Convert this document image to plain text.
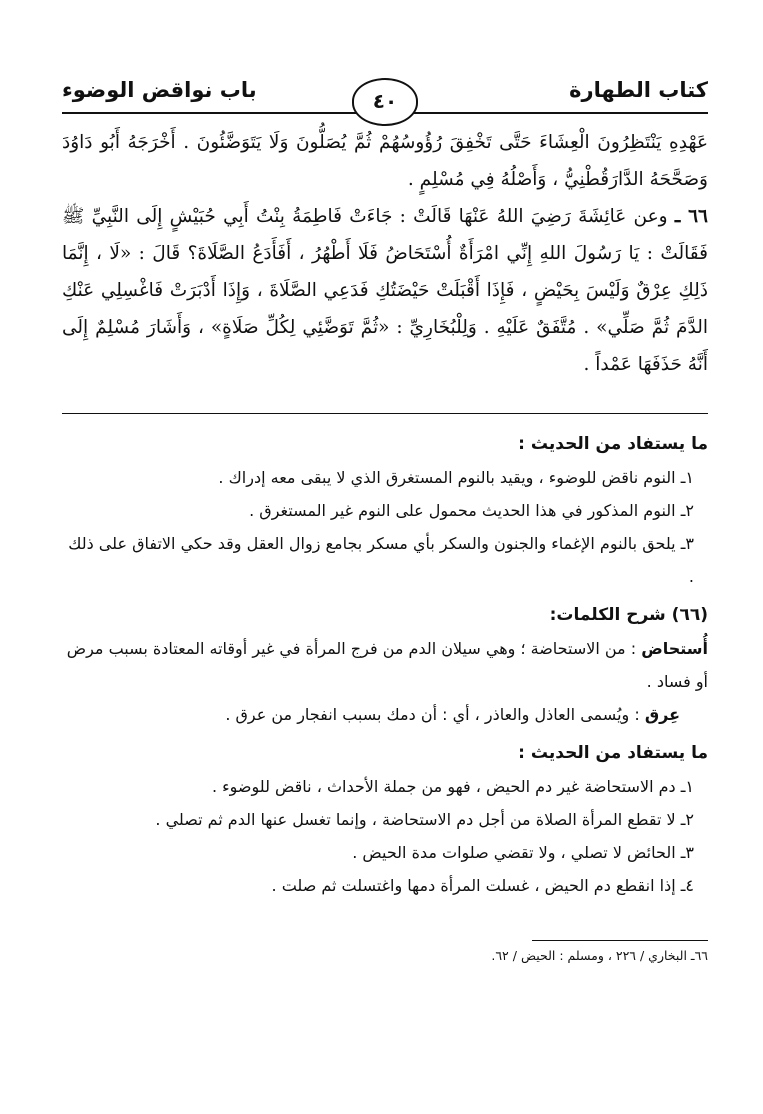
كتاب الطهارة
٤٠
باب نواقض الوضوء

عَهْدِهِ يَنْتَظِرُونَ الْعِشَاءَ حَتَّى تَخْفِقَ رُؤُوسُهُمْ ثُمَّ يُصَلُّونَ وَلَا يَتَوَضَّئُونَ . أَخْرَجَهُ أَبُو دَاوُدَ وَصَحَّحَهُ الدَّارَقُطْنِيُّ ، وَأَصْلُهُ فِي مُسْلِمٍ .

٦٦ ـ وعن عَائِشَةَ رَضِيَ اللهُ عَنْهَا قَالَتْ : جَاءَتْ فَاطِمَةُ بِنْتُ أَبِي حُبَيْشٍ إِلَى النَّبِيِّ ﷺ فَقَالَتْ : يَا رَسُولَ اللهِ إِنِّي امْرَأَةٌ أُسْتَحَاضُ فَلَا أَطْهُرُ ، أَفَأَدَعُ الصَّلَاةَ؟ قَالَ : «لَا ، إِنَّمَا ذَلِكِ عِرْقٌ وَلَيْسَ بِحَيْضٍ ، فَإِذَا أَقْبَلَتْ حَيْضَتُكِ فَدَعِي الصَّلَاةَ ، وَإِذَا أَدْبَرَتْ فَاغْسِلِي عَنْكِ الدَّمَ ثُمَّ صَلِّي» . مُتَّفَقٌ عَلَيْهِ . وَلِلْبُخَارِيِّ : «ثُمَّ تَوَضَّئِي لِكُلِّ صَلَاةٍ» ، وَأَشَارَ مُسْلِمٌ إِلَى أَنَّهُ حَذَفَهَا عَمْداً .

ما يستفاد من الحديث :
١ـ النوم ناقض للوضوء ، ويقيد بالنوم المستغرق الذي لا يبقى معه إدراك .
٢ـ النوم المذكور في هذا الحديث محمول على النوم غير المستغرق .
٣ـ يلحق بالنوم الإغماء والجنون والسكر بأي مسكر بجامع زوال العقل وقد حكي الاتفاق على ذلك .
(٦٦) شرح الكلمات:

أُستحاض : من الاستحاضة ؛ وهي سيلان الدم من فرج المرأة في غير أوقاته المعتادة بسبب مرض أو فساد .

عِرق : ويُسمى العاذل والعاذر ، أي : أن دمك بسبب انفجار من عرق .

ما يستفاد من الحديث :
١ـ دم الاستحاضة غير دم الحيض ، فهو من جملة الأحداث ، ناقض للوضوء .
٢ـ لا تقطع المرأة الصلاة من أجل دم الاستحاضة ، وإنما تغسل عنها الدم ثم تصلي .
٣ـ الحائض لا تصلي ، ولا تقضي صلوات مدة الحيض .
٤ـ إذا انقطع دم الحيض ، غسلت المرأة دمها واغتسلت ثم صلت .
٦٦ـ البخاري / ٢٢٦ ، ومسلم : الحيض / ٦٢.
